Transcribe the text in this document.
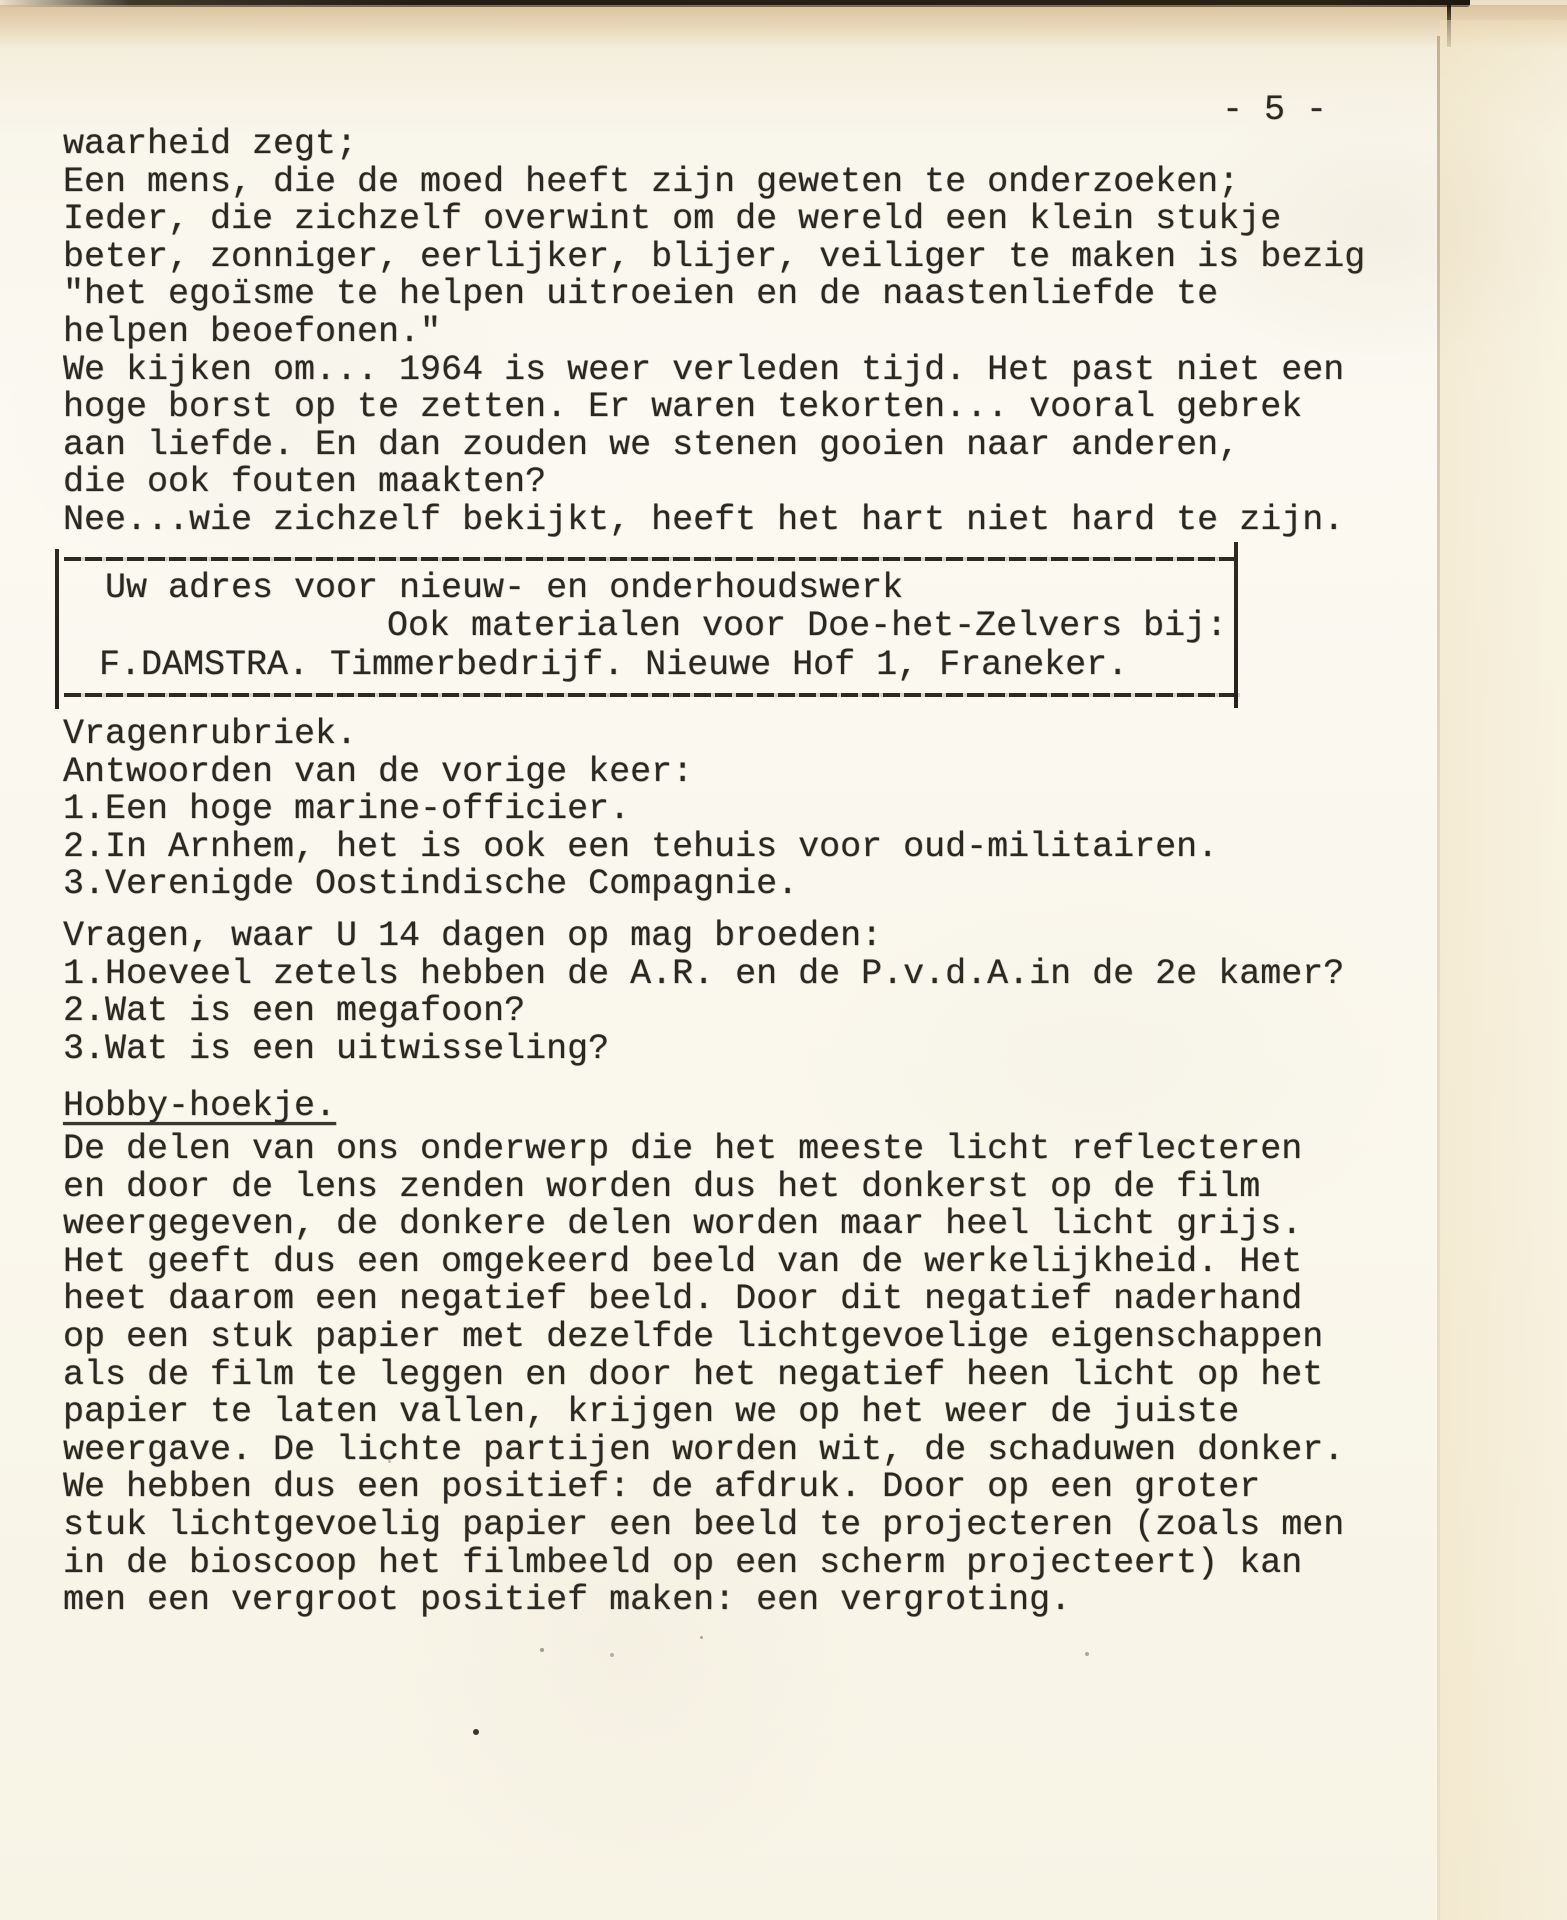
- 5 -
waarheid zegt;
Een mens, die de moed heeft zijn geweten te onderzoeken;
Ieder, die zichzelf overwint om de wereld een klein stukje
beter, zonniger, eerlijker, blijer, veiliger te maken is bezig
"het egoïsme te helpen uitroeien en de naastenliefde te
helpen beoefonen."
We kijken om... 1964 is weer verleden tijd. Het past niet een
hoge borst op te zetten. Er waren tekorten... vooral gebrek
aan liefde. En dan zouden we stenen gooien naar anderen,
die ook fouten maakten?
Nee...wie zichzelf bekijkt, heeft het hart niet hard te zijn.
Uw adres voor nieuw- en onderhoudswerk
Ook materialen voor Doe-het-Zelvers bij:
F.DAMSTRA. Timmerbedrijf. Nieuwe Hof 1, Franeker.
Vragenrubriek.
Antwoorden van de vorige keer:
1.Een hoge marine-officier.
2.In Arnhem, het is ook een tehuis voor oud-militairen.
3.Verenigde Oostindische Compagnie.
Vragen, waar U 14 dagen op mag broeden:
1.Hoeveel zetels hebben de A.R. en de P.v.d.A.in de 2e kamer?
2.Wat is een megafoon?
3.Wat is een uitwisseling?
Hobby-hoekje.
De delen van ons onderwerp die het meeste licht reflecteren
en door de lens zenden worden dus het donkerst op de film
weergegeven, de donkere delen worden maar heel licht grijs.
Het geeft dus een omgekeerd beeld van de werkelijkheid. Het
heet daarom een negatief beeld. Door dit negatief naderhand
op een stuk papier met dezelfde lichtgevoelige eigenschappen
als de film te leggen en door het negatief heen licht op het
papier te laten vallen, krijgen we op het weer de juiste
weergave. De lichte partijen worden wit, de schaduwen donker.
We hebben dus een positief: de afdruk. Door op een groter
stuk lichtgevoelig papier een beeld te projecteren (zoals men
in de bioscoop het filmbeeld op een scherm projecteert) kan
men een vergroot positief maken: een vergroting.
